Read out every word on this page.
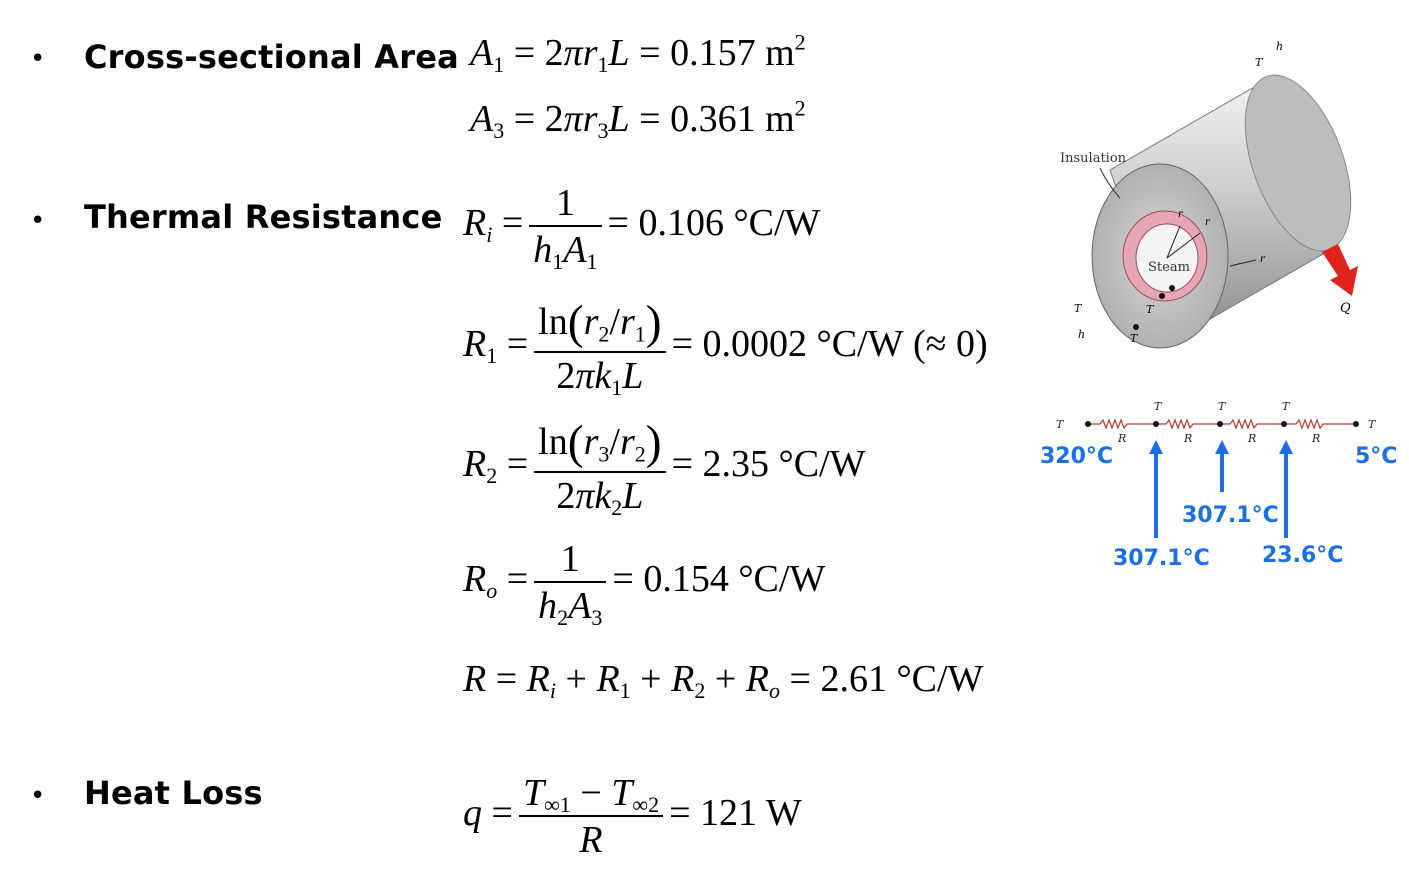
• Cross-sectional Area
• Thermal Resistance
• Heat Loss
$A_1 = 2\pi r_1L = 0.157$ $m^2$
$A_3 = 2\pi r_3L = 0.361$ $m^2$
$R_i = \frac{1}{h_1A_1} = 0.106$ °C/W
$R_1 = \frac{\ln(r_2/r_1)}{2\pi k_1L} = 0.0002$ °C/W (≈ 0)
$R_2 = \frac{\ln(r_3/r_2)}{2\pi k_2L} = 2.35$ °C/W
$R_o = \frac{1}{h_2A_3} = 0.154$ °C/W
$R = R_i + R_1 + R_2 + R_o = 2.61$ °C/W
$q = \frac{T_{\infty 1} - T_{\infty 2}}{R} = 121$ W
r
r
r
Steam
Insulation
h
T
h
T
T
T	Q
T
T	T	T
T
R	R	R	R
320°C	5°C
307.1°C
307.1°C 23.6°C
